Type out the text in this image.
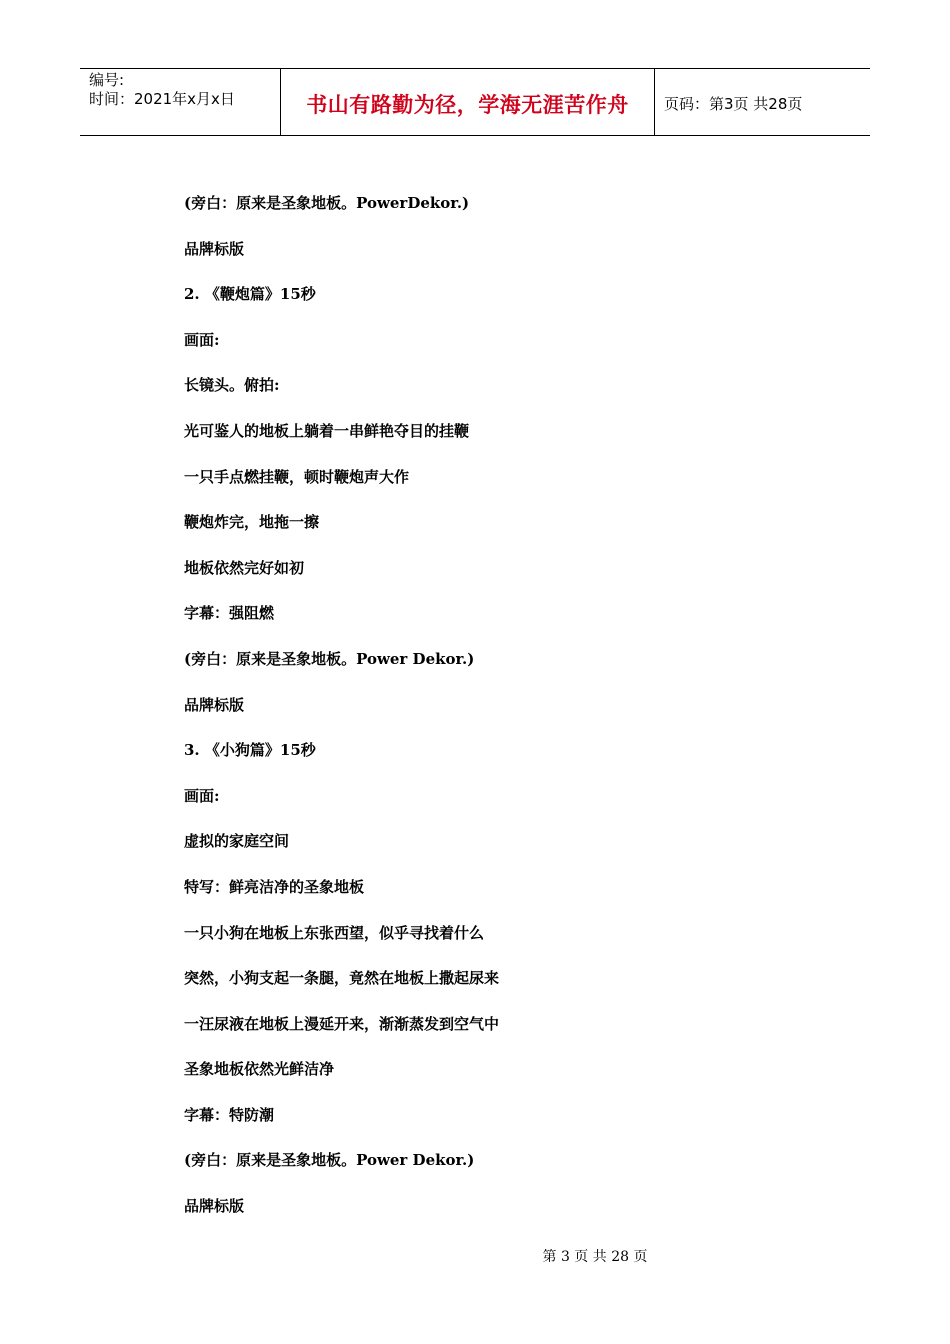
编号:
时间：2021年x月x日	书山有路勤为径，学海无涯苦作舟 页码：第3页 共28页
(旁白：原来是圣象地板。PowerDekor.)
品牌标版
2. 《鞭炮篇》15秒
画面:
长镜头。俯拍:
光可鉴人的地板上躺着一串鲜艳夺目的挂鞭
一只手点燃挂鞭，顿时鞭炮声大作
鞭炮炸完，地拖一擦
地板依然完好如初
字幕：强阻燃
(旁白：原来是圣象地板。Power Dekor.)
品牌标版
3. 《小狗篇》15秒
画面:
虚拟的家庭空间
特写：鲜亮洁净的圣象地板
一只小狗在地板上东张西望，似乎寻找着什么
突然，小狗支起一条腿，竟然在地板上撒起尿来
一汪尿液在地板上漫延开来，渐渐蒸发到空气中
圣象地板依然光鲜洁净
字幕：特防潮
(旁白：原来是圣象地板。Power Dekor.)
品牌标版
第 3 页 共 28 页
